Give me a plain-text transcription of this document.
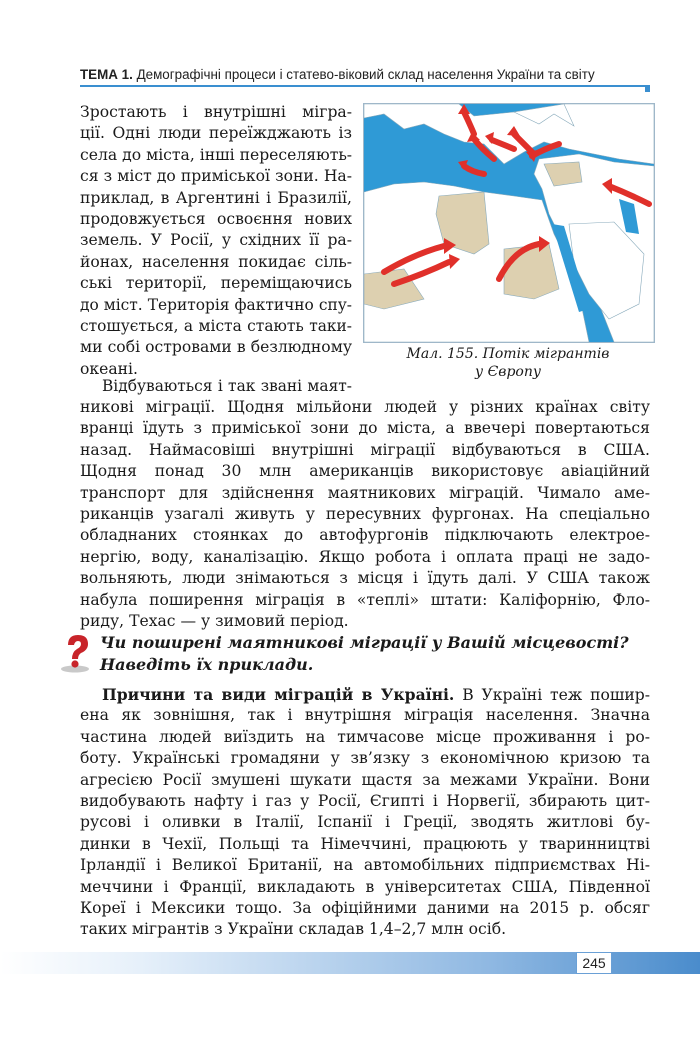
ТЕМА 1. Демографічні процеси і статево-віковий склад населення України та світу
Зростають і внутрішні мігра-
ції. Одні люди переїжджають із
села до міста, інші переселяють-
ся з міст до приміської зони. На-
приклад, в Аргентині і Бразилії,
продовжується освоєння нових
земель. У Росії, у східних її ра-
йонах, населення покидає сіль-
ські території, переміщаючись
до міст. Територія фактично спу-
стошується, а міста стають таки-
ми собі островами в безлюдному
океані.
Відбуваються і так звані маят-
Мал. 155. Потік мігрантів
у Європу
никові міграції. Щодня мільйони людей у різних країнах світу
вранці їдуть з приміської зони до міста, а ввечері повертаються
назад. Наймасовіші внутрішні міграції відбуваються в США.
Щодня понад 30 млн американців використовує авіаційний
транспорт для здійснення маятникових міграцій. Чимало аме-
риканців узагалі живуть у пересувних фургонах. На спеціально
обладнаних стоянках до автофургонів підключають електрое-
нергію, воду, каналізацію. Якщо робота і оплата праці не задо-
вольняють, люди знімаються з місця і їдуть далі. У США також
набула поширення міграція в «теплі» штати: Каліфорнію, Фло-
риду, Техас — у зимовий період.
Чи поширені маятникові міграції у Вашій місцевості?
Наведіть їх приклади.
Причини та види міграцій в Україні. В Україні теж пошир-
ена як зовнішня, так і внутрішня міграція населення. Значна
частина людей виїздить на тимчасове місце проживання і ро-
боту. Українські громадяни у зв’язку з економічною кризою та
агресією Росії змушені шукати щастя за межами України. Вони
видобувають нафту і газ у Росії, Єгипті і Норвегії, збирають цит-
русові і оливки в Італії, Іспанії і Греції, зводять житлові бу-
динки в Чехії, Польщі та Німеччині, працюють у тваринництві
Ірландії і Великої Британії, на автомобільних підприємствах Ні-
меччини і Франції, викладають в університетах США, Південної
Кореї і Мексики тощо. За офіційними даними на 2015 р. обсяг
таких мігрантів з України складав 1,4–2,7 млн осіб.
245
